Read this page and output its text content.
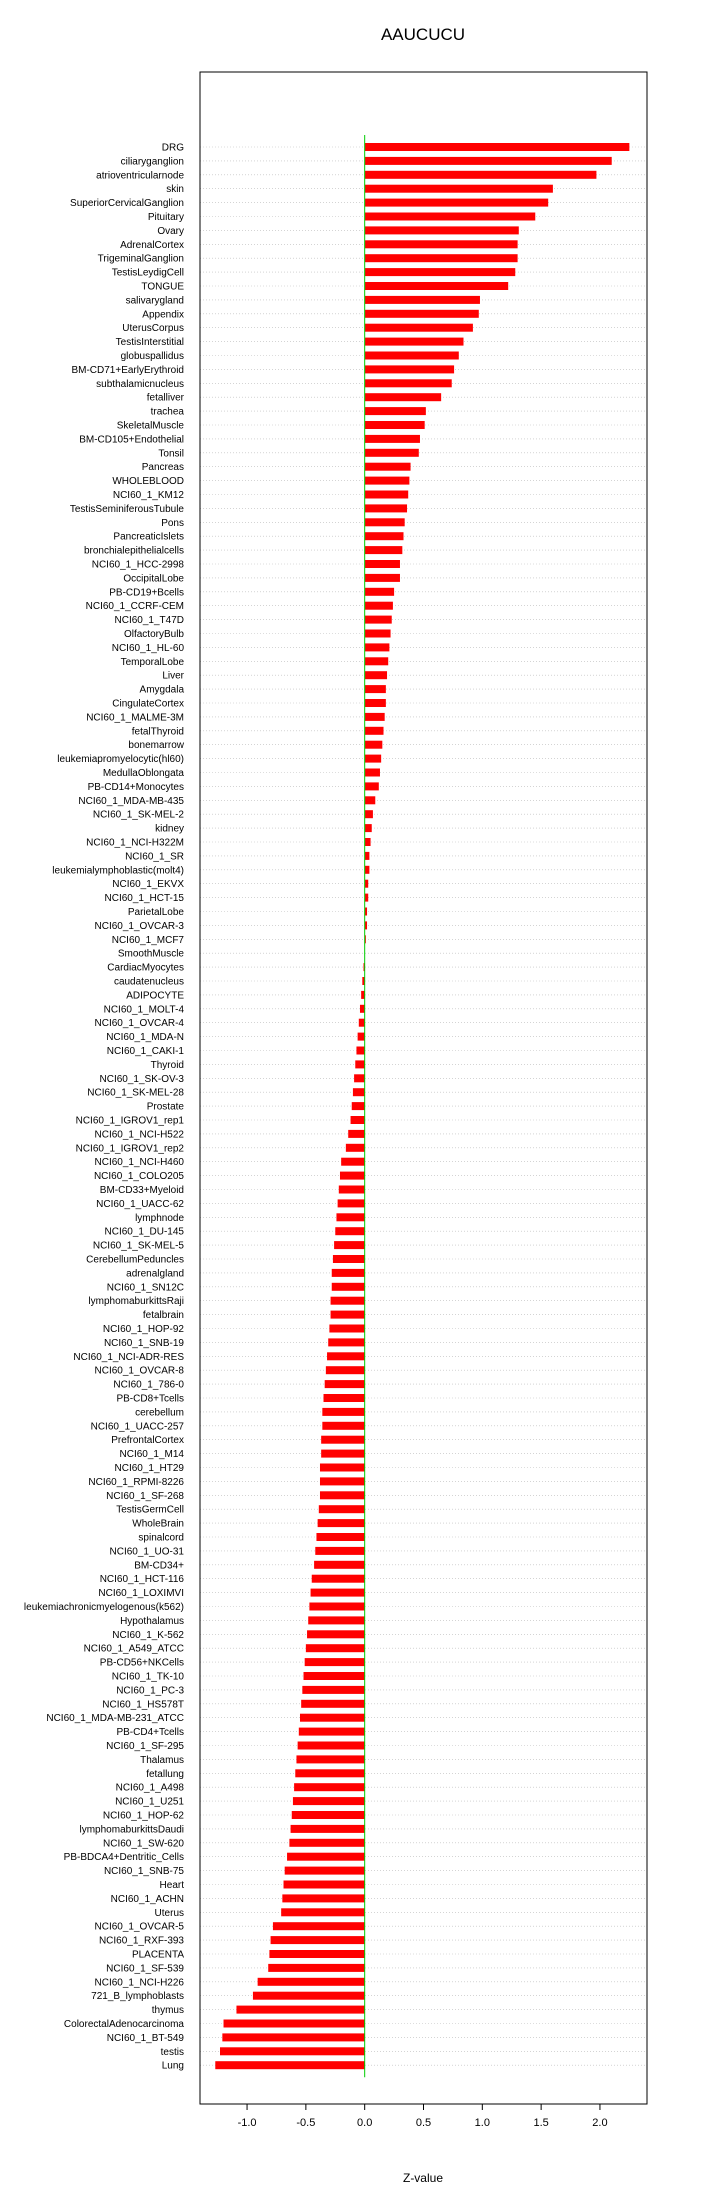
AAUCUCU
DRG
ciliaryganglion
atrioventricularnode
skin
SuperiorCervicalGanglion
Pituitary
Ovary
AdrenalCortex
TrigeminalGanglion
TestisLeydigCell
TONGUE
salivarygland
Appendix
UterusCorpus
TestisInterstitial
globuspallidus
BM-CD71+EarlyErythroid
subthalamicnucleus
fetalliver
trachea
SkeletalMuscle
BM-CD105+Endothelial
Tonsil
Pancreas
WHOLEBLOOD
NCI60_1_KM12
TestisSeminiferousTubule
Pons
PancreaticIslets
bronchialepithelialcells
NCI60_1_HCC-2998
OccipitalLobe
PB-CD19+Bcells
NCI60_1_CCRF-CEM
NCI60_1_T47D
OlfactoryBulb
NCI60_1_HL-60
TemporalLobe
Liver
Amygdala
CingulateCortex
NCI60_1_MALME-3M
fetalThyroid
bonemarrow
leukemiapromyelocytic(hl60)
MedullaOblongata
PB-CD14+Monocytes
NCI60_1_MDA-MB-435
NCI60_1_SK-MEL-2
kidney
NCI60_1_NCI-H322M
NCI60_1_SR
leukemialymphoblastic(molt4)
NCI60_1_EKVX
NCI60_1_HCT-15
ParietalLobe
NCI60_1_OVCAR-3
NCI60_1_MCF7
SmoothMuscle
CardiacMyocytes
caudatenucleus
ADIPOCYTE
NCI60_1_MOLT-4
NCI60_1_OVCAR-4
NCI60_1_MDA-N
NCI60_1_CAKI-1
Thyroid
NCI60_1_SK-OV-3
NCI60_1_SK-MEL-28
Prostate
NCI60_1_IGROV1_rep1
NCI60_1_NCI-H522
NCI60_1_IGROV1_rep2
NCI60_1_NCI-H460
NCI60_1_COLO205
BM-CD33+Myeloid
NCI60_1_UACC-62
lymphnode
NCI60_1_DU-145
NCI60_1_SK-MEL-5
CerebellumPeduncles
adrenalgland
NCI60_1_SN12C
lymphomaburkittsRaji
fetalbrain
NCI60_1_HOP-92
NCI60_1_SNB-19
NCI60_1_NCI-ADR-RES
NCI60_1_OVCAR-8
NCI60_1_786-0
PB-CD8+Tcells
cerebellum
NCI60_1_UACC-257
PrefrontalCortex
NCI60_1_M14
NCI60_1_HT29
NCI60_1_RPMI-8226
NCI60_1_SF-268
TestisGermCell
WholeBrain
spinalcord
NCI60_1_UO-31
BM-CD34+
NCI60_1_HCT-116
NCI60_1_LOXIMVI
leukemiachronicmyelogenous(k562)
Hypothalamus
NCI60_1_K-562
NCI60_1_A549_ATCC
PB-CD56+NKCells
NCI60_1_TK-10
NCI60_1_PC-3
NCI60_1_HS578T
NCI60_1_MDA-MB-231_ATCC
PB-CD4+Tcells
NCI60_1_SF-295
Thalamus
fetallung
NCI60_1_A498
NCI60_1_U251
NCI60_1_HOP-62
lymphomaburkittsDaudi
NCI60_1_SW-620
PB-BDCA4+Dentritic_Cells
NCI60_1_SNB-75
Heart
NCI60_1_ACHN
Uterus
NCI60_1_OVCAR-5
NCI60_1_RXF-393
PLACENTA
NCI60_1_SF-539
NCI60_1_NCI-H226
721_B_lymphoblasts
thymus
ColorectalAdenocarcinoma
NCI60_1_BT-549
testis
Lung
-1.0	-0.5	0.0	0.5	1.0	1.5	2.0
Z-value
